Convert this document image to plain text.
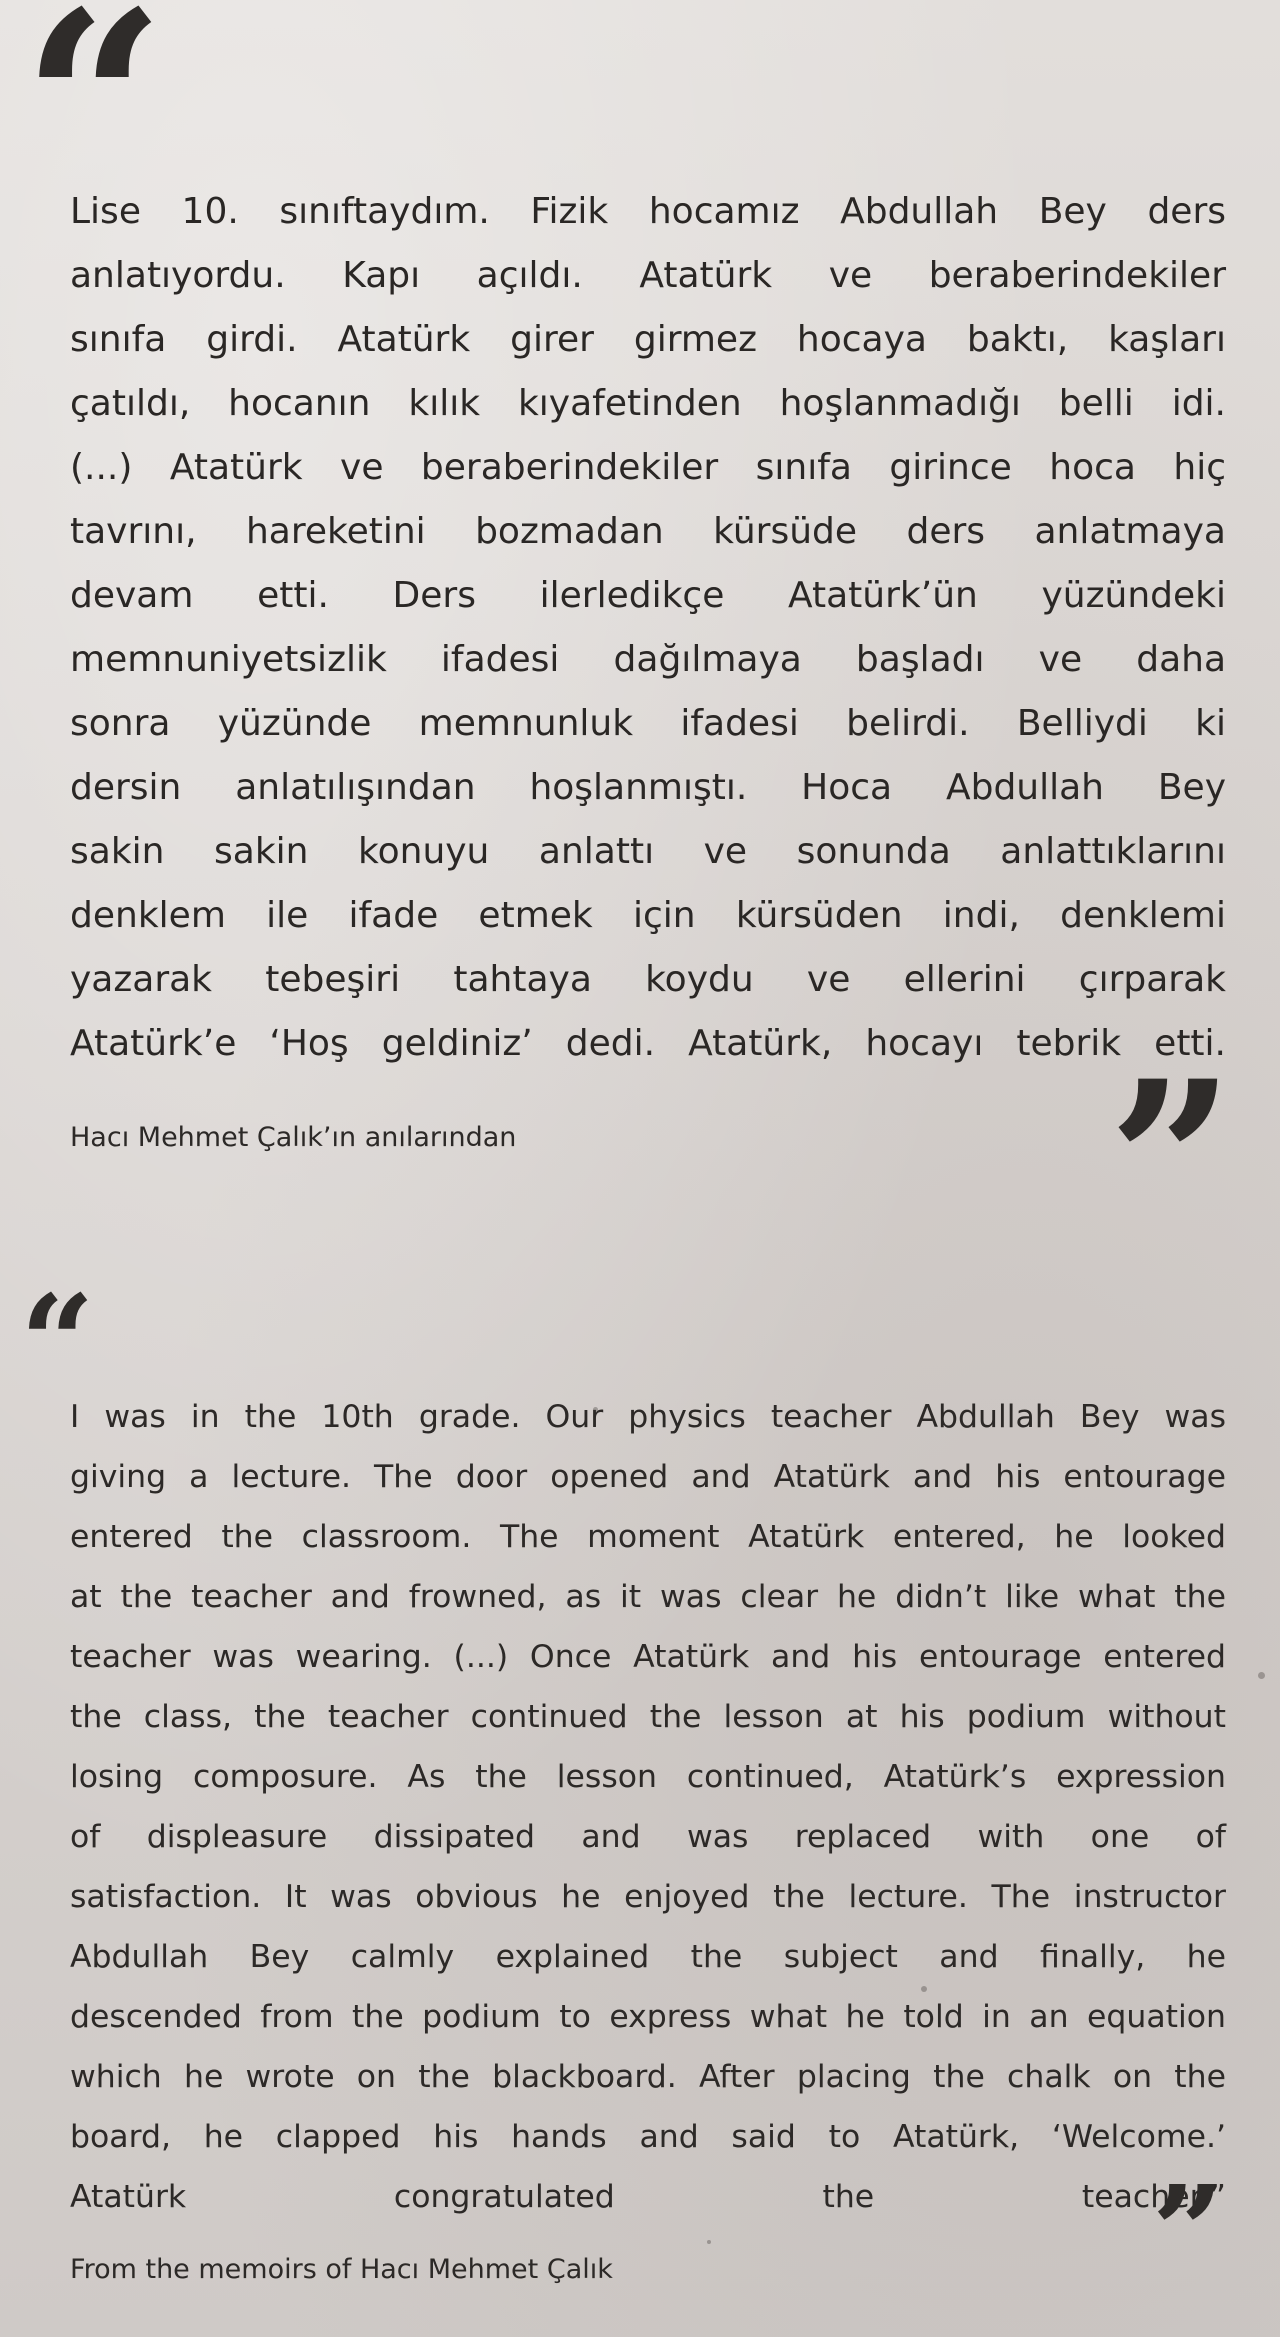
“

Lise 10. sınıftaydım. Fizik hocamız Abdullah Bey ders
anlatıyordu. Kapı açıldı. Atatürk ve beraberindekiler
sınıfa girdi. Atatürk girer girmez hocaya baktı, kaşları
çatıldı, hocanın kılık kıyafetinden hoşlanmadığı belli idi.
(...) Atatürk ve beraberindekiler sınıfa girince hoca hiç
tavrını, hareketini bozmadan kürsüde ders anlatmaya
devam etti. Ders ilerledikçe Atatürk’ün yüzündeki
memnuniyetsizlik ifadesi dağılmaya başladı ve daha
sonra yüzünde memnunluk ifadesi belirdi. Belliydi ki
dersin anlatılışından hoşlanmıştı. Hoca Abdullah Bey
sakin sakin konuyu anlattı ve sonunda anlattıklarını
denklem ile ifade etmek için kürsüden indi, denklemi
yazarak tebeşiri tahtaya koydu ve ellerini çırparak
Atatürk’e ‘Hoş geldiniz’ dedi. Atatürk, hocayı tebrik etti.

Hacı Mehmet Çalık’ın anılarından	”
“

I was in the 10th grade. Our physics teacher Abdullah Bey was
giving a lecture. The door opened and Atatürk and his entourage
entered the classroom. The moment Atatürk entered, he looked
at the teacher and frowned, as it was clear he didn’t like what the
teacher was wearing. (...) Once Atatürk and his entourage entered
the class, the teacher continued the lesson at his podium without
losing composure. As the lesson continued, Atatürk’s expression
of displeasure dissipated and was replaced with one of
satisfaction. It was obvious he enjoyed the lecture. The instructor
Abdullah Bey calmly explained the subject and finally, he
descended from the podium to express what he told in an equation
which he wrote on the blackboard. After placing the chalk on the
board, he clapped his hands and said to Atatürk, ‘Welcome.’
Atatürk congratulated the teacher.”

From the memoirs of Hacı Mehmet Çalık	”
